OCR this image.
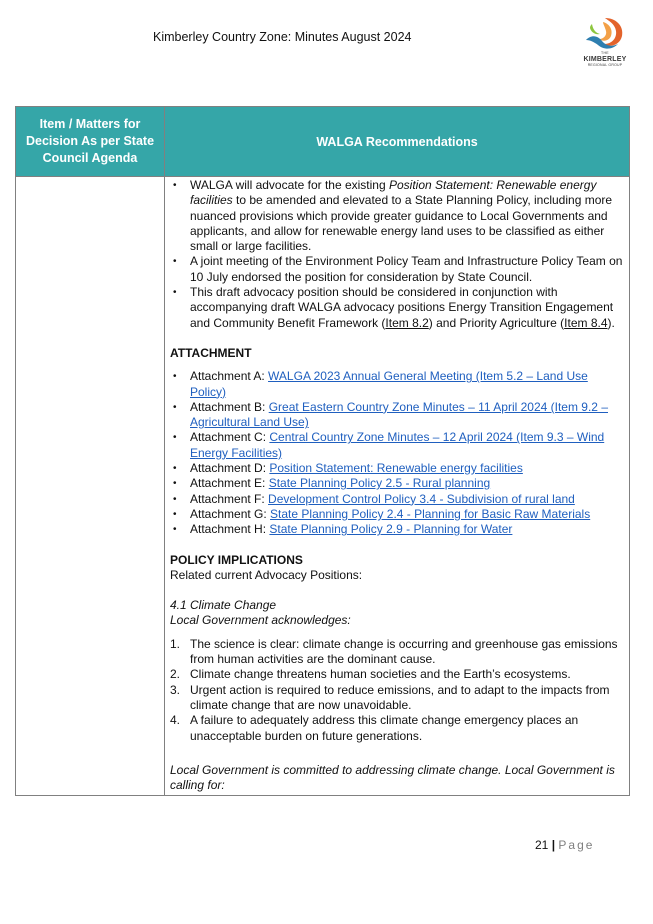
Kimberley Country Zone: Minutes August 2024
THE
KIMBERLEY
REGIONAL GROUP
Item / Matters for Decision As per State Council Agenda
WALGA Recommendations
• WALGA will advocate for the existing Position Statement: Renewable energy facilities to be amended and elevated to a State Planning Policy, including more nuanced provisions which provide greater guidance to Local Governments and applicants, and allow for renewable energy land uses to be classified as either small or large facilities.
• A joint meeting of the Environment Policy Team and Infrastructure Policy Team on 10 July endorsed the position for consideration by State Council.
• This draft advocacy position should be considered in conjunction with accompanying draft WALGA advocacy positions Energy Transition Engagement and Community Benefit Framework (Item 8.2) and Priority Agriculture (Item 8.4).
ATTACHMENT
• Attachment A: WALGA 2023 Annual General Meeting (Item 5.2 – Land Use Policy)
• Attachment B: Great Eastern Country Zone Minutes – 11 April 2024 (Item 9.2 – Agricultural Land Use)
• Attachment C: Central Country Zone Minutes – 12 April 2024 (Item 9.3 – Wind Energy Facilities)
• Attachment D: Position Statement: Renewable energy facilities
• Attachment E: State Planning Policy 2.5 - Rural planning
• Attachment F: Development Control Policy 3.4 - Subdivision of rural land
• Attachment G: State Planning Policy 2.4 - Planning for Basic Raw Materials
• Attachment H: State Planning Policy 2.9 - Planning for Water
POLICY IMPLICATIONS
Related current Advocacy Positions:
4.1 Climate Change
Local Government acknowledges:
1. The science is clear: climate change is occurring and greenhouse gas emissions from human activities are the dominant cause.
2. Climate change threatens human societies and the Earth’s ecosystems.
3. Urgent action is required to reduce emissions, and to adapt to the impacts from climate change that are now unavoidable.
4. A failure to adequately address this climate change emergency places an unacceptable burden on future generations.
Local Government is committed to addressing climate change. Local Government is calling for:
21 | Page
